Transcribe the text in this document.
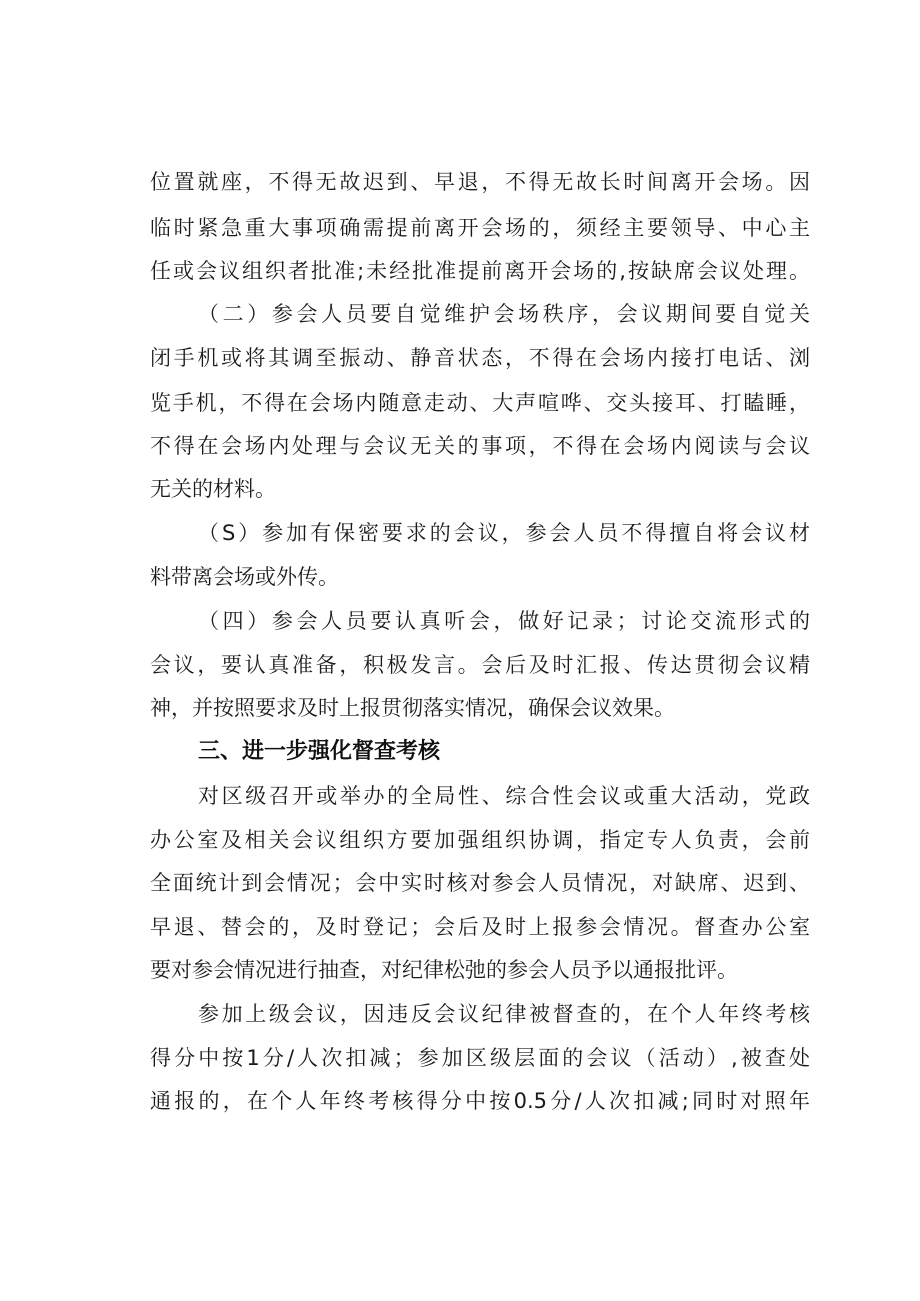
位置就座，不得无故迟到、早退，不得无故长时间离开会场。因
临时紧急重大事项确需提前离开会场的，须经主要领导、中心主
任或会议组织者批准;未经批准提前离开会场的,按缺席会议处理。
（二）参会人员要自觉维护会场秩序，会议期间要自觉关
闭手机或将其调至振动、静音状态，不得在会场内接打电话、浏
览手机，不得在会场内随意走动、大声喧哗、交头接耳、打瞌睡，
不得在会场内处理与会议无关的事项，不得在会场内阅读与会议
无关的材料。
（S）参加有保密要求的会议，参会人员不得擅自将会议材
料带离会场或外传。
（四）参会人员要认真听会，做好记录；讨论交流形式的
会议，要认真准备，积极发言。会后及时汇报、传达贯彻会议精
神，并按照要求及时上报贯彻落实情况，确保会议效果。
三、进一步强化督查考核
对区级召开或举办的全局性、综合性会议或重大活动，党政
办公室及相关会议组织方要加强组织协调，指定专人负责，会前
全面统计到会情况；会中实时核对参会人员情况，对缺席、迟到、
早退、替会的，及时登记；会后及时上报参会情况。督查办公室
要对参会情况进行抽查，对纪律松弛的参会人员予以通报批评。
参加上级会议，因违反会议纪律被督查的，在个人年终考核
得分中按1分/人次扣减；参加区级层面的会议（活动）,被查处
通报的，在个人年终考核得分中按0.5分/人次扣减;同时对照年
